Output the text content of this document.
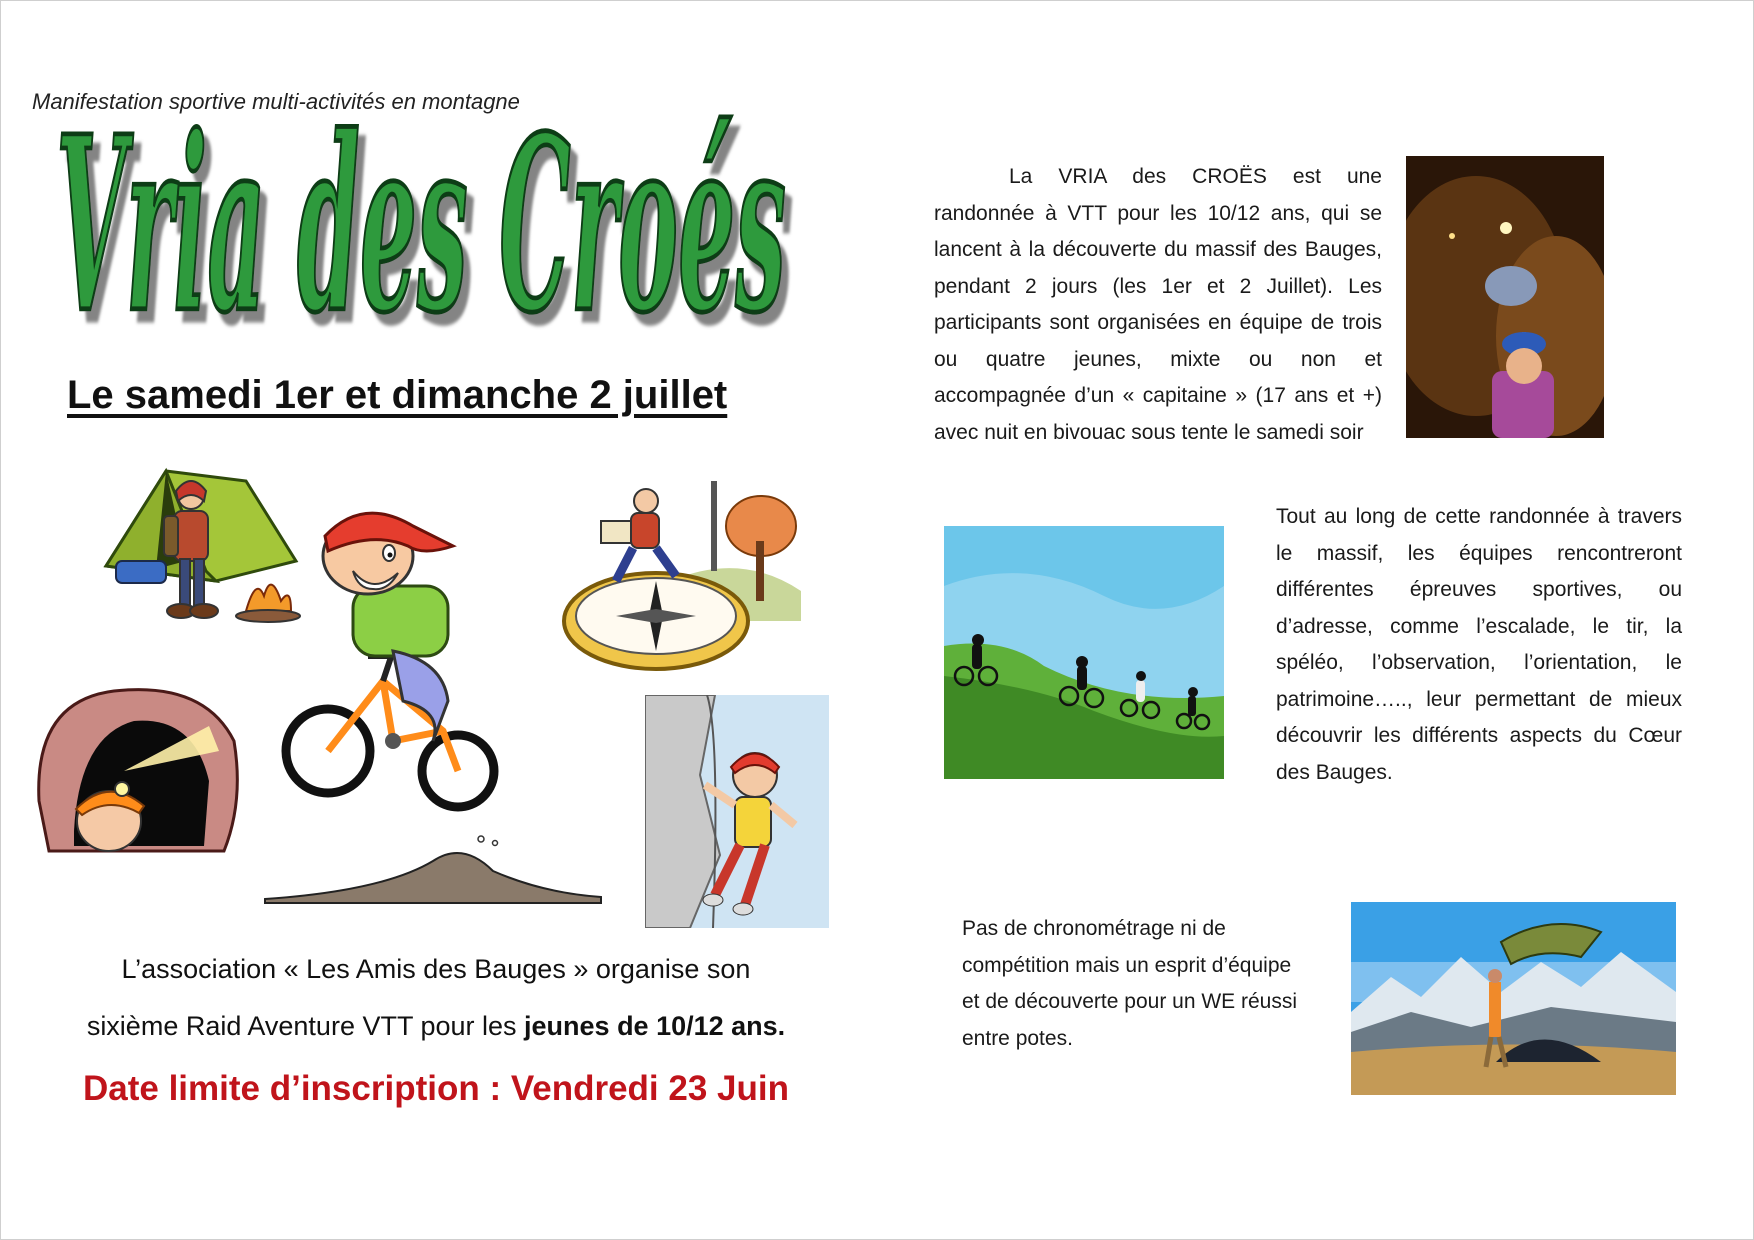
Manifestation sportive multi-activités en montagne
Vria des Croés
Le samedi 1er et dimanche 2 juillet
L’association « Les Amis des Bauges » organise son
sixième Raid Aventure VTT pour les jeunes de 10/12 ans.
Date limite d’inscription : Vendredi 23 Juin
La VRIA des CROËS est une randonnée à VTT pour les 10/12 ans, qui se lancent à la découverte du massif des Bauges, pendant 2 jours (les 1er et 2 Juillet). Les participants sont organisées en équipe de trois ou quatre jeunes, mixte ou non et accompagnée d’un « capitaine » (17 ans et +) avec nuit en bivouac sous tente le samedi soir
Tout au long de cette randonnée à travers le massif, les équipes rencontreront différentes épreuves sportives, ou d’adresse, comme l’escalade, le tir, la spéléo, l’observation, l’orientation, le patrimoine….., leur permettant de mieux découvrir les différents aspects du Cœur des Bauges.
Pas de chronométrage ni de compétition mais un esprit d’équipe et de découverte pour un WE réussi entre potes.
